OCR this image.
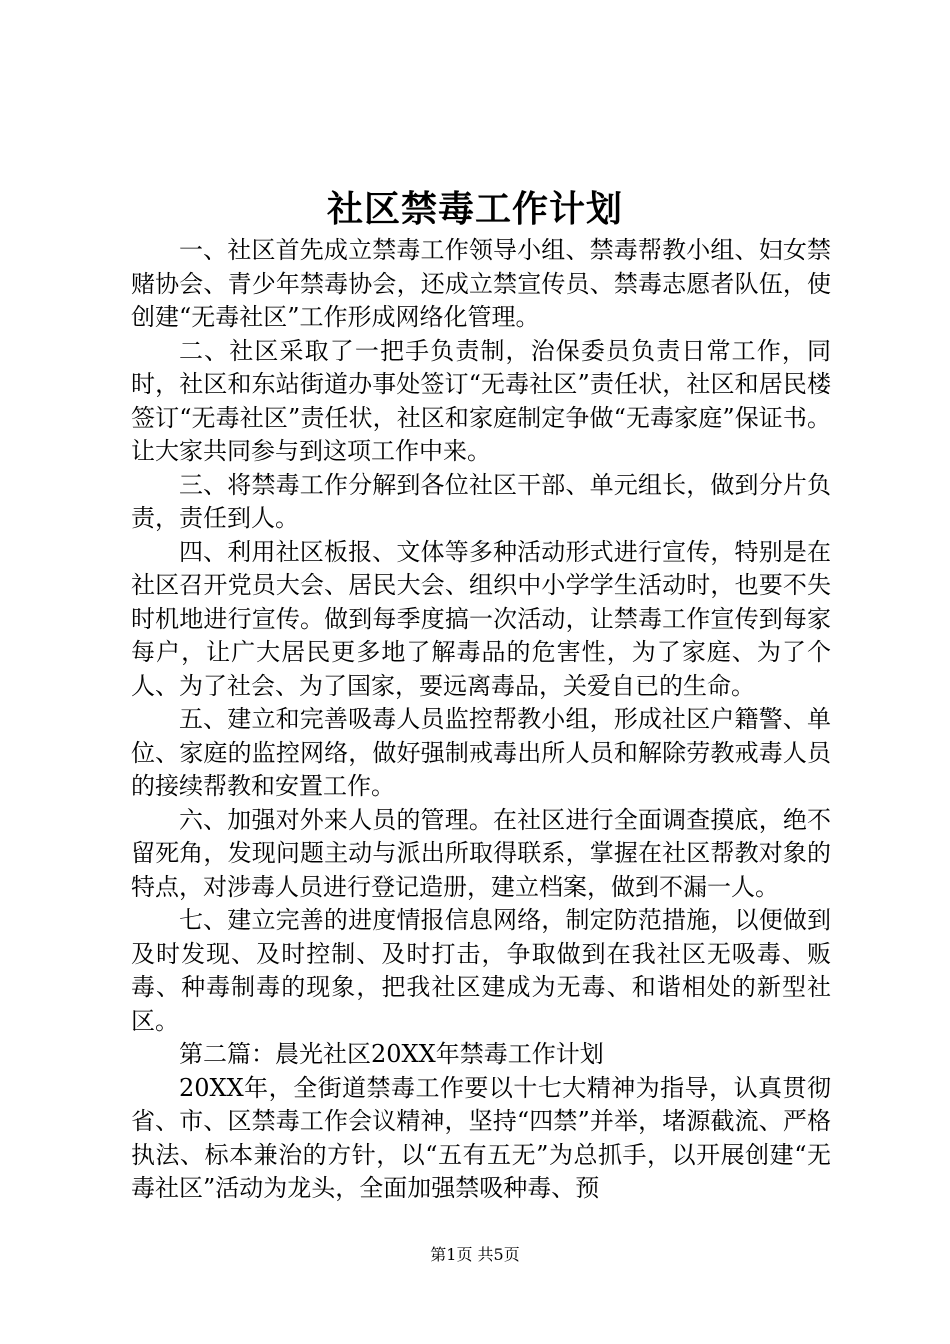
社区禁毒工作计划

一、社区首先成立禁毒工作领导小组、禁毒帮教小组、妇女禁赌协会、青少年禁毒协会，还成立禁宣传员、禁毒志愿者队伍，使创建“无毒社区”工作形成网络化管理。

二、社区采取了一把手负责制，治保委员负责日常工作，同时，社区和东站街道办事处签订“无毒社区”责任状，社区和居民楼签订“无毒社区”责任状，社区和家庭制定争做“无毒家庭”保证书。让大家共同参与到这项工作中来。

三、将禁毒工作分解到各位社区干部、单元组长，做到分片负责，责任到人。

四、利用社区板报、文体等多种活动形式进行宣传，特别是在社区召开党员大会、居民大会、组织中小学学生活动时，也要不失时机地进行宣传。做到每季度搞一次活动，让禁毒工作宣传到每家每户，让广大居民更多地了解毒品的危害性，为了家庭、为了个人、为了社会、为了国家，要远离毒品，关爱自已的生命。

五、建立和完善吸毒人员监控帮教小组，形成社区户籍警、单位、家庭的监控网络，做好强制戒毒出所人员和解除劳教戒毒人员的接续帮教和安置工作。

六、加强对外来人员的管理。在社区进行全面调查摸底，绝不留死角，发现问题主动与派出所取得联系，掌握在社区帮教对象的特点，对涉毒人员进行登记造册，建立档案，做到不漏一人。

七、建立完善的进度情报信息网络，制定防范措施，以便做到及时发现、及时控制、及时打击，争取做到在我社区无吸毒、贩毒、种毒制毒的现象，把我社区建成为无毒、和谐相处的新型社区。

第二篇：晨光社区20XX年禁毒工作计划

20XX年，全街道禁毒工作要以十七大精神为指导，认真贯彻省、市、区禁毒工作会议精神，坚持“四禁”并举，堵源截流、严格执法、标本兼治的方针，以“五有五无”为总抓手，以开展创建“无毒社区”活动为龙头，全面加强禁吸种毒、预

第1页 共5页
